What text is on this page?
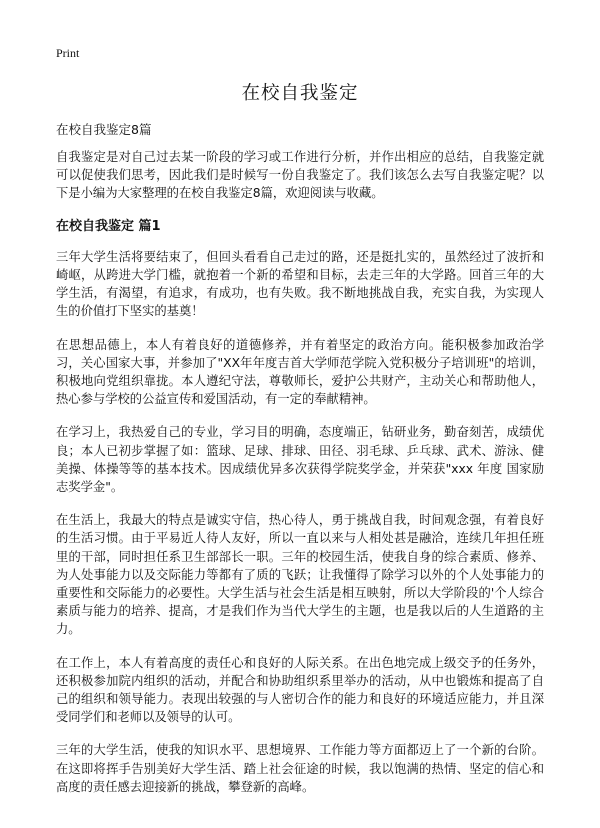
Print
在校自我鉴定
在校自我鉴定8篇

自我鉴定是对自己过去某一阶段的学习或工作进行分析，并作出相应的总结，自我鉴定就可以促使我们思考，因此我们是时候写一份自我鉴定了。我们该怎么去写自我鉴定呢？以下是小编为大家整理的在校自我鉴定8篇，欢迎阅读与收藏。

在校自我鉴定 篇1

三年大学生活将要结束了，但回头看看自己走过的路，还是挺扎实的，虽然经过了波折和崎岖，从跨进大学门槛，就抱着一个新的希望和目标，去走三年的大学路。回首三年的大学生活，有渴望，有追求，有成功，也有失败。我不断地挑战自我，充实自我，为实现人生的价值打下坚实的基奠！

在思想品德上，本人有着良好的道德修养，并有着坚定的政治方向。能积极参加政治学习，关心国家大事，并参加了"XX年年度吉首大学师范学院入党积极分子培训班"的培训，积极地向党组织靠拢。本人遵纪守法，尊敬师长，爱护公共财产，主动关心和帮助他人，热心参与学校的公益宣传和爱国活动，有一定的奉献精神。

在学习上，我热爱自己的专业，学习目的明确，态度端正，钻研业务，勤奋刻苦，成绩优良；本人已初步掌握了如：篮球、足球、排球、田径、羽毛球、乒乓球、武术、游泳、健美操、体操等等的基本技术。因成绩优异多次获得学院奖学金，并荣获"xxx 年度 国家励志奖学金"。

在生活上，我最大的特点是诚实守信，热心待人，勇于挑战自我，时间观念强，有着良好的生活习惯。由于平易近人待人友好，所以一直以来与人相处甚是融洽，连续几年担任班里的干部，同时担任系卫生部部长一职。三年的校园生活，使我自身的综合素质、修养、为人处事能力以及交际能力等都有了质的飞跃；让我懂得了除学习以外的个人处事能力的重要性和交际能力的必要性。大学生活与社会生活是相互映射，所以大学阶段的'个人综合素质与能力的培养、提高，才是我们作为当代大学生的主题，也是我以后的人生道路的主力。

在工作上，本人有着高度的责任心和良好的人际关系。在出色地完成上级交予的任务外，还积极参加院内组织的活动，并配合和协助组织系里举办的活动，从中也锻炼和提高了自己的组织和领导能力。表现出较强的与人密切合作的能力和良好的环境适应能力，并且深受同学们和老师以及领导的认可。

三年的大学生活，使我的知识水平、思想境界、工作能力等方面都迈上了一个新的台阶。在这即将挥手告别美好大学生活、踏上社会征途的时候，我以饱满的热情、坚定的信心和高度的责任感去迎接新的挑战，攀登新的高峰。
